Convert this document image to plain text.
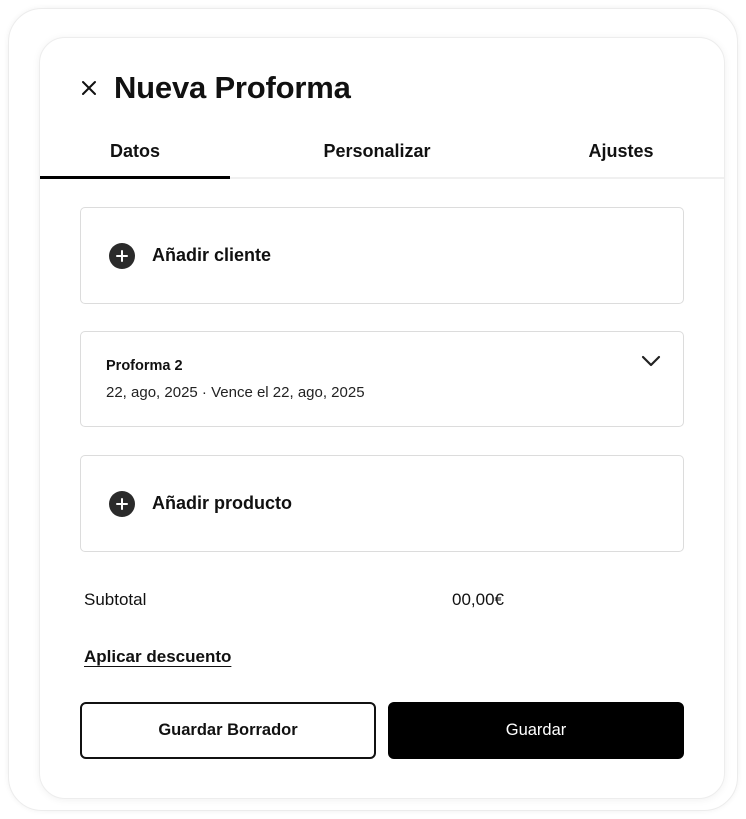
Nueva Proforma
Datos	Personalizar	Ajustes
Añadir cliente
Proforma 2
22, ago, 2025 · Vence el 22, ago, 2025
Añadir producto
Subtotal	00,00€
Aplicar descuento
Guardar Borrador	Guardar
